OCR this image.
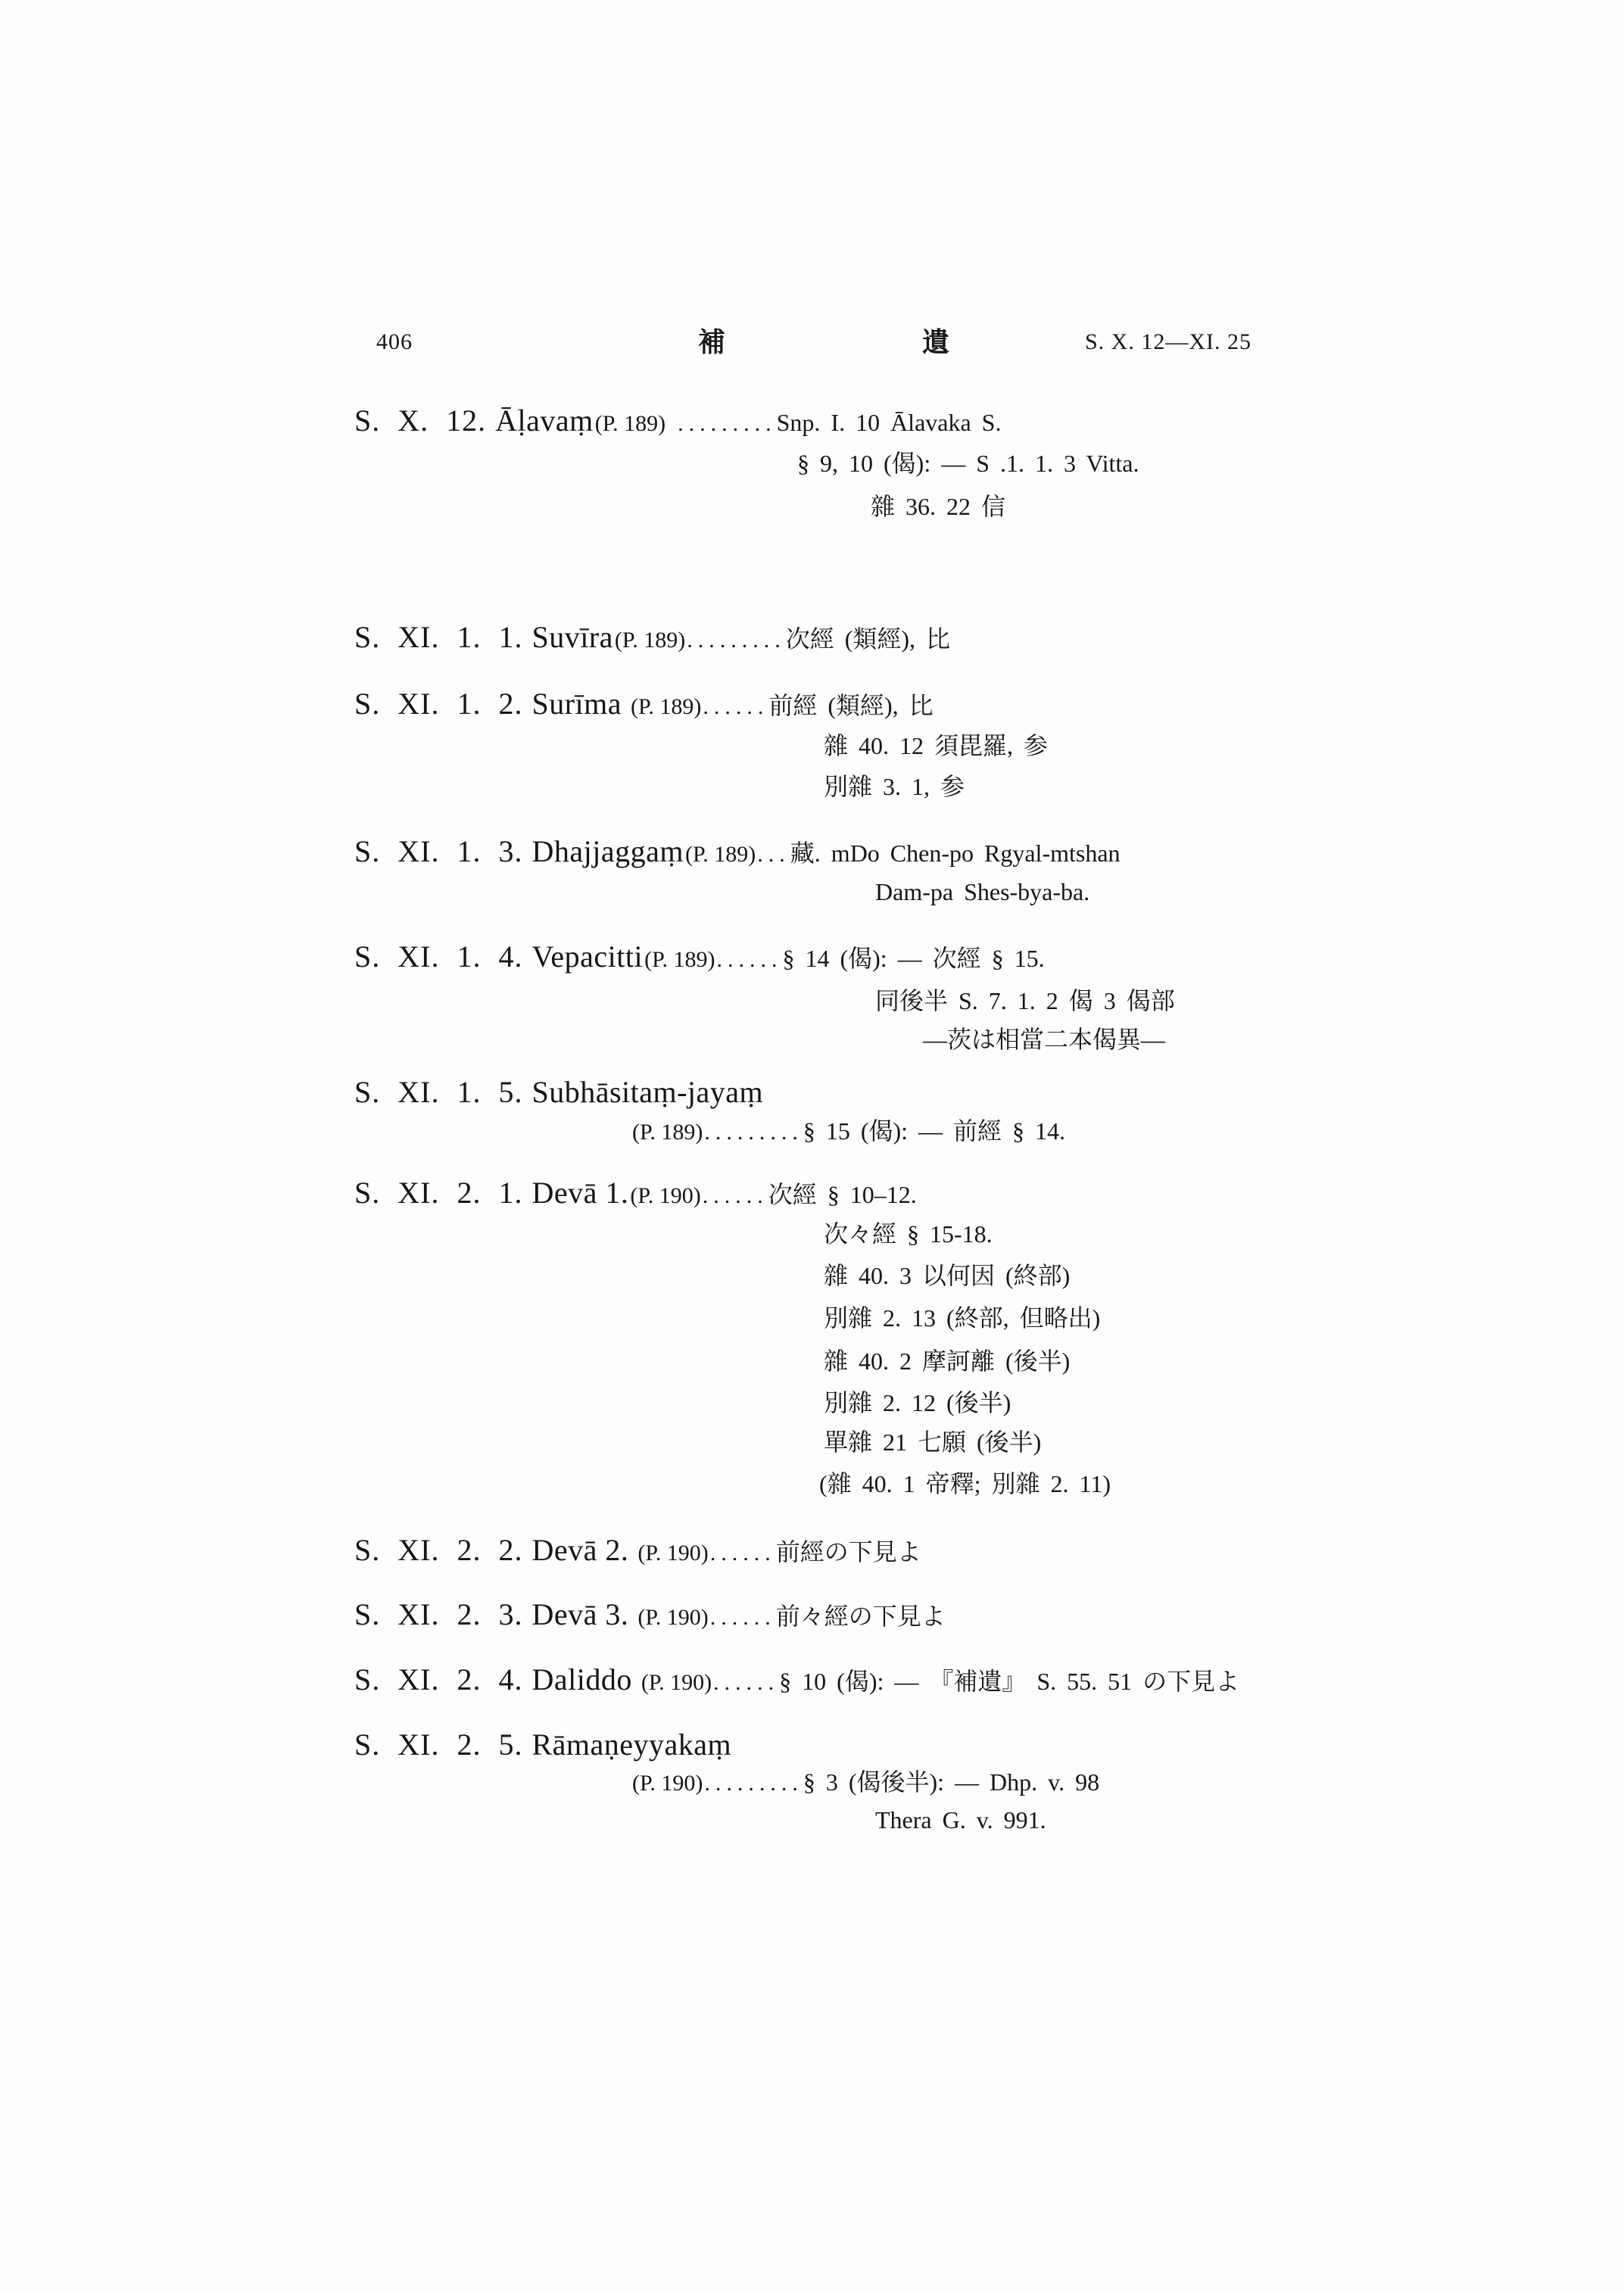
406	補	遺	S. X. 12—XI. 25
S. X. 12. Āḷavaṃ(P. 189) .........Snp. I. 10 Ālavaka S.
§ 9, 10 (偈): — S .1. 1. 3 Vitta.
雜 36. 22 信
S. XI. 1. 1. Suvīra(P. 189).........次經 (類經), 比
S. XI. 1. 2. Surīma (P. 189)......前經 (類經), 比
雜 40. 12 須毘羅, 参
別雜 3. 1, 参
S. XI. 1. 3. Dhajjaggaṃ(P. 189)...藏. mDo Chen-po Rgyal-mtshan
Dam-pa Shes-bya-ba.
S. XI. 1. 4. Vepacitti(P. 189)......§ 14 (偈): — 次經 § 15.
同後半 S. 7. 1. 2 偈 3 偈部
—茨は相當二本偈異—
S. XI. 1. 5. Subhāsitaṃ-jayaṃ
(P. 189).........§ 15 (偈): — 前經 § 14.
S. XI. 2. 1. Devā 1.(P. 190)......次經 § 10–12.
次々經 § 15-18.
雜 40. 3 以何因 (終部)
別雜 2. 13 (終部, 但略出)
雜 40. 2 摩訶離 (後半)
別雜 2. 12 (後半)
單雜 21 七願 (後半)
(雜 40. 1 帝釋; 別雜 2. 11)
S. XI. 2. 2. Devā 2. (P. 190)......前經の下見よ
S. XI. 2. 3. Devā 3. (P. 190)......前々經の下見よ
S. XI. 2. 4. Daliddo (P. 190)......§ 10 (偈): — 『補遺』 S. 55. 51 の下見よ
S. XI. 2. 5. Rāmaṇeyyakaṃ
(P. 190).........§ 3 (偈後半): — Dhp. v. 98
Thera G. v. 991.
